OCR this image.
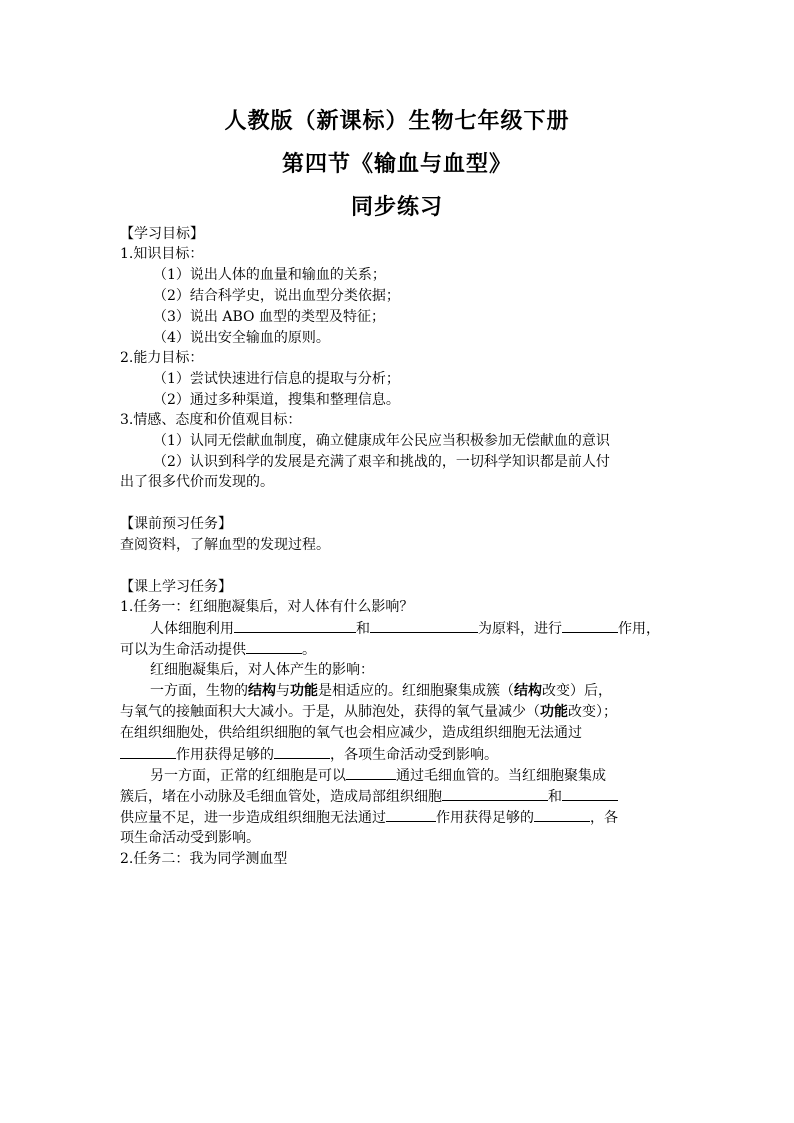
人教版（新课标）生物七年级下册
第四节《输血与血型》
同步练习
【学习目标】
1.知识目标：
（1）说出人体的血量和输血的关系；
（2）结合科学史，说出血型分类依据；
（3）说出 ABO 血型的类型及特征；
（4）说出安全输血的原则。
2.能力目标：
（1）尝试快速进行信息的提取与分析；
（2）通过多种渠道，搜集和整理信息。
3.情感、态度和价值观目标：
（1）认同无偿献血制度，确立健康成年公民应当积极参加无偿献血的意识
（2）认识到科学的发展是充满了艰辛和挑战的，一切科学知识都是前人付
出了很多代价而发现的。
【课前预习任务】
查阅资料，了解血型的发现过程。
【课上学习任务】
1.任务一：红细胞凝集后，对人体有什么影响？
人体细胞利用	和	为原料，进行	作用，
可以为生命活动提供	。
红细胞凝集后，对人体产生的影响：
一方面，生物的结构与功能是相适应的。红细胞聚集成簇（结构改变）后，
与氧气的接触面积大大减小。于是，从肺泡处，获得的氧气量减少（功能改变）；
在组织细胞处，供给组织细胞的氧气也会相应减少，造成组织细胞无法通过
作用获得足够的	，各项生命活动受到影响。
另一方面，正常的红细胞是可以	通过毛细血管的。当红细胞聚集成
簇后，堵在小动脉及毛细血管处，造成局部组织细胞	和
供应量不足，进一步造成组织细胞无法通过	作用获得足够的	，各
项生命活动受到影响。
2.任务二：我为同学测血型
